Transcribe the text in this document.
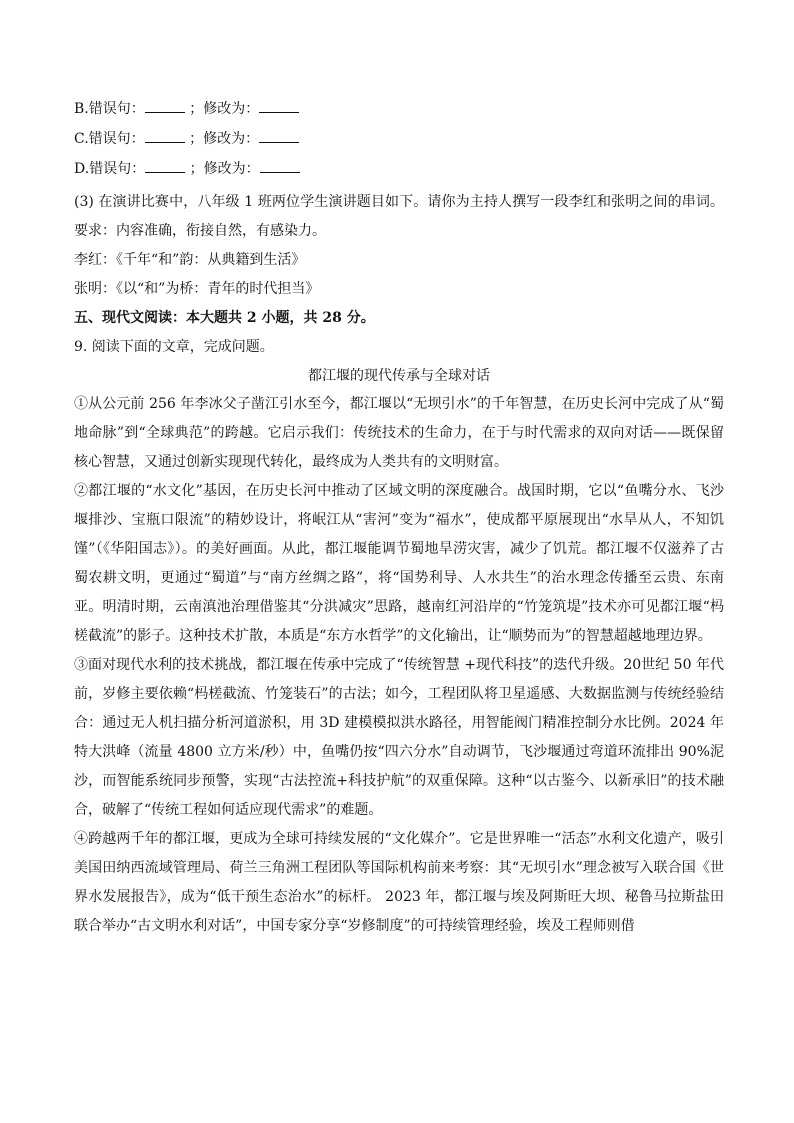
B.错误句：	；修改为：

C.错误句：	；修改为：

D.错误句：	；修改为：

(3) 在演讲比赛中，八年级 1 班两位学生演讲题目如下。请你为主持人撰写一段李红和张明之间的串词。要求：内容准确，衔接自然，有感染力。

李红：《千年“和”韵：从典籍到生活》

张明：《以“和”为桥：青年的时代担当》

五、现代文阅读：本大题共 2 小题，共 28 分。

9. 阅读下面的文章，完成问题。

都江堰的现代传承与全球对话

①从公元前 256 年李冰父子凿江引水至今，都江堰以“无坝引水”的千年智慧，在历史长河中完成了从“蜀地命脉”到“全球典范”的跨越。它启示我们：传统技术的生命力，在于与时代需求的双向对话——既保留核心智慧，又通过创新实现现代转化，最终成为人类共有的文明财富。

②都江堰的“水文化”基因，在历史长河中推动了区域文明的深度融合。战国时期，它以“鱼嘴分水、飞沙堰排沙、宝瓶口限流”的精妙设计，将岷江从“害河”变为“福水”，使成都平原展现出“水旱从人，不知饥馑”（《华阳国志》）。的美好画面。从此，都江堰能调节蜀地旱涝灾害，减少了饥荒。都江堰不仅滋养了古蜀农耕文明，更通过“蜀道”与“南方丝绸之路”，将“国势利导、人水共生”的治水理念传播至云贵、东南亚。明清时期，云南滇池治理借鉴其“分洪减灾”思路，越南红河沿岸的“竹笼筑堤”技术亦可见都江堰“杩槎截流”的影子。这种技术扩散，本质是“东方水哲学”的文化输出，让“顺势而为”的智慧超越地理边界。

③面对现代水利的技术挑战，都江堰在传承中完成了“传统智慧 +现代科技”的迭代升级。20世纪 50 年代前，岁修主要依赖“杩槎截流、竹笼装石”的古法；如今，工程团队将卫星遥感、大数据监测与传统经验结合：通过无人机扫描分析河道淤积，用 3D 建模模拟洪水路径，用智能阀门精准控制分水比例。2024 年特大洪峰（流量 4800 立方米/秒）中，鱼嘴仍按“四六分水”自动调节，飞沙堰通过弯道环流排出 90%泥沙，而智能系统同步预警，实现“古法控流+科技护航”的双重保障。这种“以古鉴今、以新承旧”的技术融合，破解了“传统工程如何适应现代需求”的难题。

④跨越两千年的都江堰，更成为全球可持续发展的“文化媒介”。它是世界唯一“活态”水利文化遗产，吸引美国田纳西流域管理局、荷兰三角洲工程团队等国际机构前来考察：其“无坝引水”理念被写入联合国《世界水发展报告》，成为“低干预生态治水”的标杆。 2023 年，都江堰与埃及阿斯旺大坝、秘鲁马拉斯盐田联合举办“古文明水利对话”，中国专家分享“岁修制度”的可持续管理经验，埃及工程师则借
